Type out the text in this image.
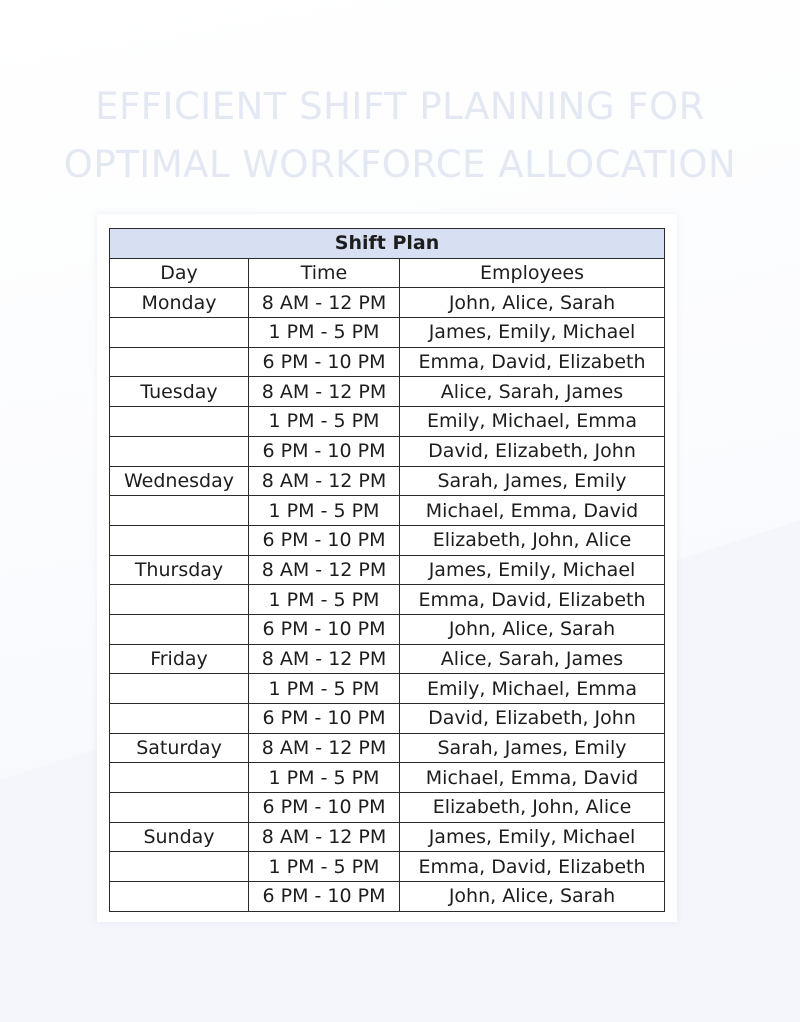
EFFICIENT SHIFT PLANNING FOR
OPTIMAL WORKFORCE ALLOCATION
Shift Plan		
Day	Time	Employees
Monday	8 AM - 12 PM	John, Alice, Sarah
	1 PM - 5 PM	James, Emily, Michael
	6 PM - 10 PM	Emma, David, Elizabeth
Tuesday	8 AM - 12 PM	Alice, Sarah, James
	1 PM - 5 PM	Emily, Michael, Emma
	6 PM - 10 PM	David, Elizabeth, John
Wednesday	8 AM - 12 PM	Sarah, James, Emily
	1 PM - 5 PM	Michael, Emma, David
	6 PM - 10 PM	Elizabeth, John, Alice
Thursday	8 AM - 12 PM	James, Emily, Michael
	1 PM - 5 PM	Emma, David, Elizabeth
	6 PM - 10 PM	John, Alice, Sarah
Friday	8 AM - 12 PM	Alice, Sarah, James
	1 PM - 5 PM	Emily, Michael, Emma
	6 PM - 10 PM	David, Elizabeth, John
Saturday	8 AM - 12 PM	Sarah, James, Emily
	1 PM - 5 PM	Michael, Emma, David
	6 PM - 10 PM	Elizabeth, John, Alice
Sunday	8 AM - 12 PM	James, Emily, Michael
	1 PM - 5 PM	Emma, David, Elizabeth
	6 PM - 10 PM	John, Alice, Sarah
